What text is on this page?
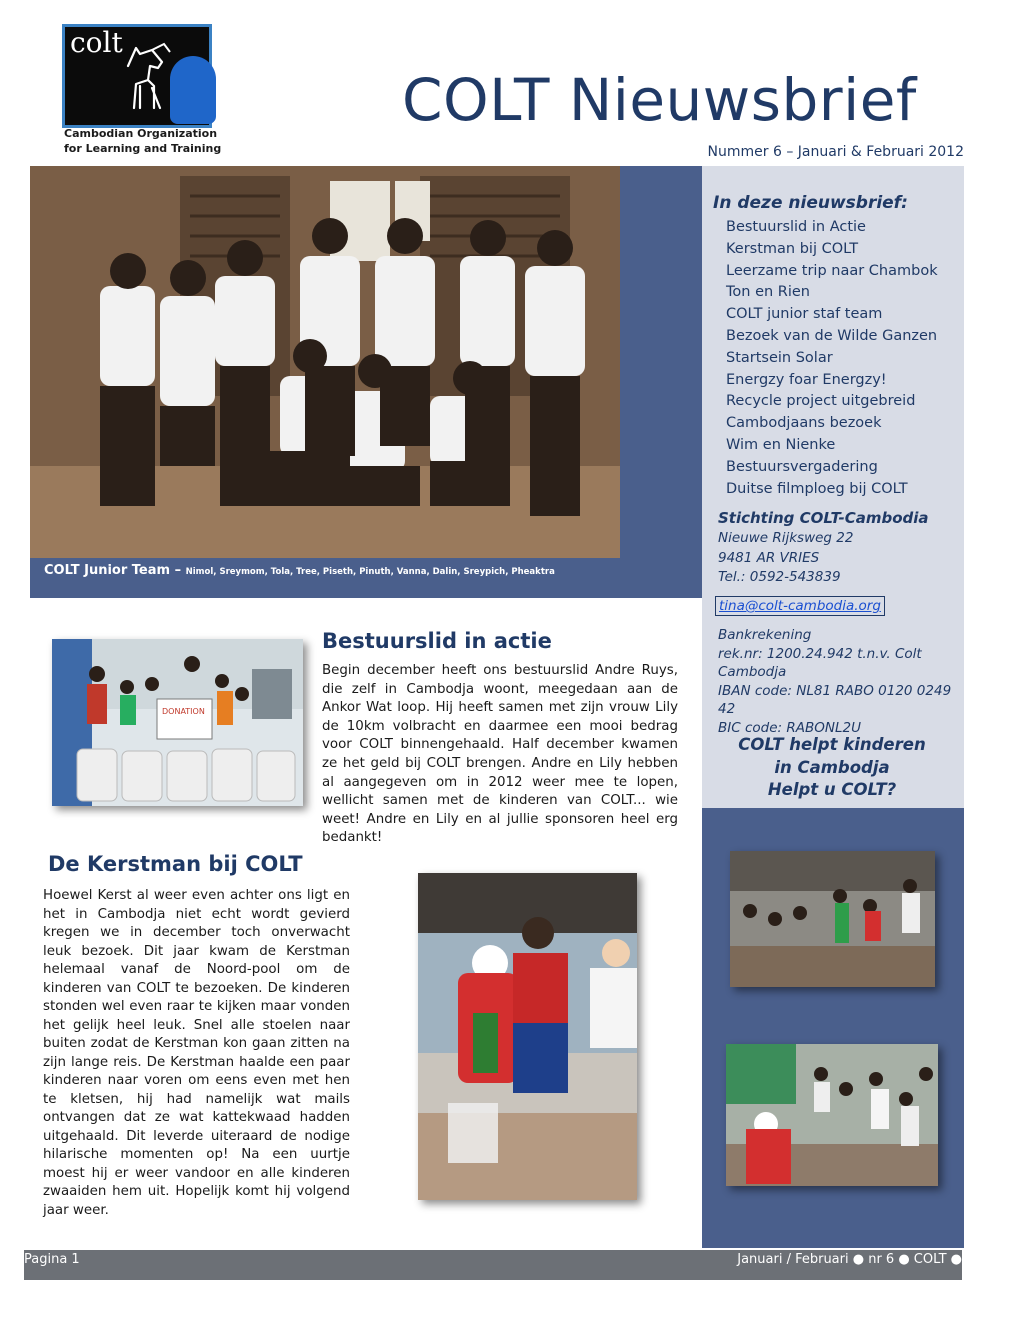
colt
Cambodian Organization
for Learning and Training
COLT Nieuwsbrief
Nummer 6 – Januari & Februari 2012
COLT Junior Team – Nimol, Sreymom, Tola, Tree, Piseth, Pinuth, Vanna, Dalin, Sreypich, Pheaktra
In deze nieuwsbrief:
Bestuurslid in Actie
Kerstman bij COLT
Leerzame trip naar Chambok
Ton en Rien
COLT junior staf team
Bezoek van de Wilde Ganzen
Startsein Solar
Energzy foar Energzy!
Recycle project uitgebreid
Cambodjaans bezoek
Wim en Nienke
Bestuursvergadering
Duitse filmploeg bij COLT
Stichting COLT-Cambodia
Nieuwe Rijksweg 22
9481 AR VRIES
Tel.: 0592-543839
tina@colt-cambodia.org
Bankrekening
rek.nr: 1200.24.942 t.n.v. Colt Cambodja
IBAN code: NL81 RABO 0120 0249 42
BIC code: RABONL2U
COLT helpt kinderen
in Cambodja
Helpt u COLT?
DONATION
Bestuurslid in actie
Begin december heeft ons bestuurslid Andre Ruys, die zelf in Cambodja woont, meegedaan aan de Ankor Wat loop. Hij heeft samen met zijn vrouw Lily de 10km volbracht en daarmee een mooi bedrag voor COLT binnengehaald. Half december kwamen ze het geld bij COLT brengen. Andre en Lily hebben al aangegeven om in 2012 weer mee te lopen, wellicht samen met de kinderen van COLT... wie weet! Andre en Lily en al jullie sponsoren heel erg bedankt!
De Kerstman bij COLT
Hoewel Kerst al weer even achter ons ligt en het in Cambodja niet echt wordt gevierd kregen we in december toch onverwacht leuk bezoek. Dit jaar kwam de Kerstman helemaal vanaf de Noord-pool om de kinderen van COLT te bezoeken. De kinderen stonden wel even raar te kijken maar vonden het gelijk heel leuk. Snel alle stoelen naar buiten zodat de Kerstman kon gaan zitten na zijn lange reis. De Kerstman haalde een paar kinderen naar voren om eens even met hen te kletsen, hij had namelijk wat mails ontvangen dat ze wat kattekwaad hadden uitgehaald. Dit leverde uiteraard de nodige hilarische momenten op! Na een uurtje moest hij er weer vandoor en alle kinderen zwaaiden hem uit. Hopelijk komt hij volgend jaar weer.
Pagina 1	Januari / Februari ● nr 6 ● COLT ●
